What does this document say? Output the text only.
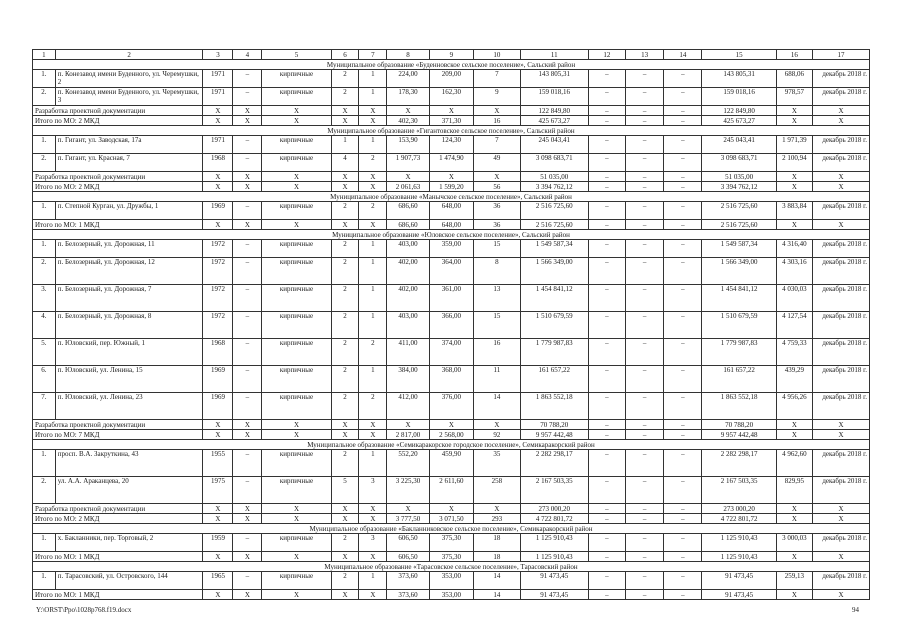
1	2	3	4	5	6	7	8	9	10	11	12	13	14	15	16	17
Муниципальное образование «Буденновское сельское поселение», Сальский район																
1.	п. Конезавод имени Буденного, ул. Черемушки, 2	1971	–	кирпичные	2	1	224,00	209,00	7	143 805,31	–	–	–	143 805,31	688,06	декабрь 2018 г.
2.	п. Конезавод имени Буденного, ул. Черемушки, 3	1971	–	кирпичные	2	1	178,30	162,30	9	159 018,16	–	–	–	159 018,16	978,57	декабрь 2018 г.
Разработка проектной документации		X	X	X	X	X	X	X	X	122 849,80	–	–	–	122 849,80	X	X
Итого по МО: 2 МКД		X	X	X	X	X	402,30	371,30	16	425 673,27	–	–	–	425 673,27	X	X
Муниципальное образование «Гигантовское сельское поселение», Сальский район																
1.	п. Гигант, ул. Заводская, 17а	1971	–	кирпичные	1	1	153,90	124,30	7	245 043,41	–	–	–	245 043,41	1 971,39	декабрь 2018 г.
2.	п. Гигант, ул. Красная, 7	1968	–	кирпичные	4	2	1 907,73	1 474,90	49	3 098 683,71	–	–	–	3 098 683,71	2 100,94	декабрь 2018 г.
Разработка проектной документации		X	X	X	X	X	X	X	X	51 035,00	–	–	–	51 035,00	X	X
Итого по МО: 2 МКД		X	X	X	X	X	2 061,63	1 599,20	56	3 394 762,12	–	–	–	3 394 762,12	X	X
Муниципальное образование «Манычское сельское поселение», Сальский район																
1.	п. Степной Курган, ул. Дружбы, 1	1969	–	кирпичные	2	2	686,60	648,00	36	2 516 725,60	–	–	–	2 516 725,60	3 883,84	декабрь 2018 г.
Итого по МО: 1 МКД		X	X	X	X	X	686,60	648,00	36	2 516 725,60	–	–	–	2 516 725,60	X	X
Муниципальное образование «Юловское сельское поселение», Сальский район																
1.	п. Белозерный, ул. Дорожная, 11	1972	–	кирпичные	2	1	403,00	359,00	15	1 549 587,34	–	–	–	1 549 587,34	4 316,40	декабрь 2018 г.
2.	п. Белозерный, ул. Дорожная, 12	1972	–	кирпичные	2	1	402,00	364,00	8	1 566 349,00	–	–	–	1 566 349,00	4 303,16	декабрь 2018 г.
3.	п. Белозерный, ул. Дорожная, 7	1972	–	кирпичные	2	1	402,00	361,00	13	1 454 841,12	–	–	–	1 454 841,12	4 030,03	декабрь 2018 г.
4.	п. Белозерный, ул. Дорожная, 8	1972	–	кирпичные	2	1	403,00	366,00	15	1 510 679,59	–	–	–	1 510 679,59	4 127,54	декабрь 2018 г.
5.	п. Юловский, пер. Южный, 1	1968	–	кирпичные	2	2	411,00	374,00	16	1 779 987,83	–	–	–	1 779 987,83	4 759,33	декабрь 2018 г.
6.	п. Юловский, ул. Ленина, 15	1969	–	кирпичные	2	1	384,00	368,00	11	161 657,22	–	–	–	161 657,22	439,29	декабрь 2018 г.
7.	п. Юловский, ул. Ленина, 23	1969	–	кирпичные	2	2	412,00	376,00	14	1 863 552,18	–	–	–	1 863 552,18	4 956,26	декабрь 2018 г.
Разработка проектной документации		X	X	X	X	X	X	X	X	70 788,20	–	–	–	70 788,20	X	X
Итого по МО: 7 МКД		X	X	X	X	X	2 817,00	2 568,00	92	9 957 442,48	–	–	–	9 957 442,48	X	X
Муниципальное образование «Семикаракорское городское поселение», Семикаракорский район																
1.	просп. В.А. Закруткина, 43	1955	–	кирпичные	2	1	552,20	459,90	35	2 282 298,17	–	–	–	2 282 298,17	4 962,60	декабрь 2018 г.
2.	ул. А.А. Араканцева, 20	1975	–	кирпичные	5	3	3 225,30	2 611,60	258	2 167 503,35	–	–	–	2 167 503,35	829,95	декабрь 2018 г.
Разработка проектной документации		X	X	X	X	X	X	X	X	273 000,20	–	–	–	273 000,20	X	X
Итого по МО: 2 МКД		X	X	X	X	X	3 777,50	3 071,50	293	4 722 801,72	–	–	–	4 722 801,72	X	X
Муниципальное образование «Бакланниковское сельское поселение», Семикаракорский район																
1.	х. Бакланники, пер. Торговый, 2	1959	–	кирпичные	2	3	606,50	375,30	18	1 125 910,43	–	–	–	1 125 910,43	3 000,03	декабрь 2018 г.
Итого по МО: 1 МКД		X	X	X	X	X	606,50	375,30	18	1 125 910,43	–	–	–	1 125 910,43	X	X
Муниципальное образование «Тарасовское сельское поселение», Тарасовский район																
1.	п. Тарасовский, ул. Островского, 144	1965	–	кирпичные	2	1	373,60	353,00	14	91 473,45	–	–	–	91 473,45	259,13	декабрь 2018 г.
Итого по МО: 1 МКД		X	X	X	X	X	373,60	353,00	14	91 473,45	–	–	–	91 473,45	X	X
Y:\ORST\Ppo\1028p768.f19.docx	94
